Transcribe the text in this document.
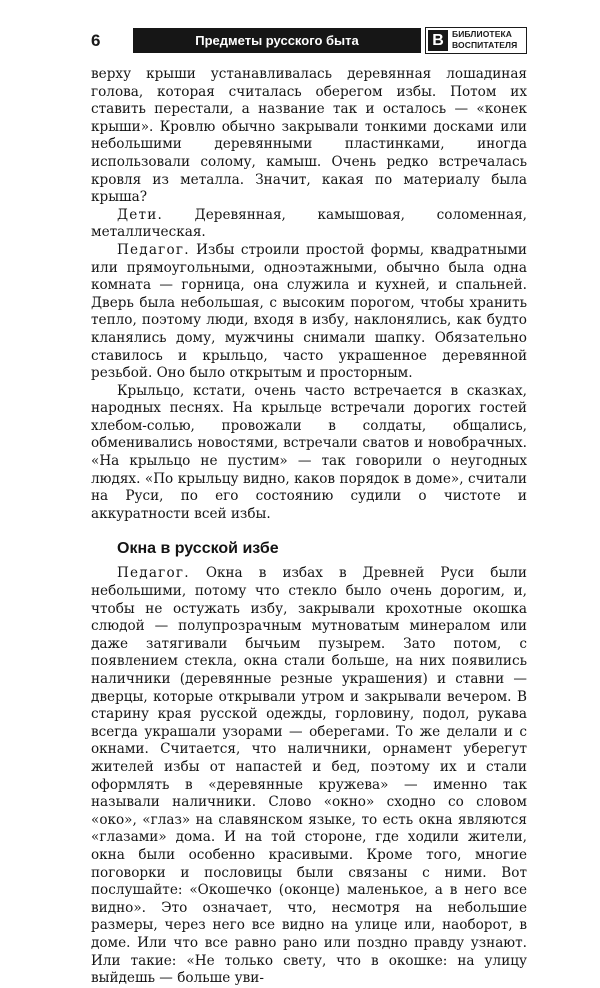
6	Предметы русского быта	В БИБЛИОТЕКА
ВОСПИТАТЕЛЯ

верху крыши устанавливалась деревянная лошадиная голова, которая считалась оберегом избы. Потом их ставить перестали, а название так и осталось — «конек крыши». Кровлю обычно закрывали тонкими досками или небольшими деревянными пластинками, иногда использовали солому, камыш. Очень редко встречалась кровля из металла. Значит, какая по материалу была крыша?

Дети. Деревянная, камышовая, соломенная, металлическая.

Педагог. Избы строили простой формы, квадратными или прямоугольными, одноэтажными, обычно была одна комната — горница, она служила и кухней, и спальней. Дверь была небольшая, с высоким порогом, чтобы хранить тепло, поэтому люди, входя в избу, наклонялись, как будто кланялись дому, мужчины снимали шапку. Обязательно ставилось и крыльцо, часто украшенное деревянной резьбой. Оно было открытым и просторным.

Крыльцо, кстати, очень часто встречается в сказках, народных песнях. На крыльце встречали дорогих гостей хлебом-солью, провожали в солдаты, общались, обменивались новостями, встречали сватов и новобрачных. «На крыльцо не пустим» — так говорили о неугодных людях. «По крыльцу видно, каков порядок в доме», считали на Руси, по его состоянию судили о чистоте и аккуратности всей избы.

Окна в русской избе

Педагог. Окна в избах в Древней Руси были небольшими, потому что стекло было очень дорогим, и, чтобы не остужать избу, закрывали крохотные окошка слюдой — полупрозрачным мутноватым минералом или даже затягивали бычьим пузырем. Зато потом, с появлением стекла, окна стали больше, на них появились наличники (деревянные резные украшения) и ставни — дверцы, которые открывали утром и закрывали вечером. В старину края русской одежды, горловину, подол, рукава всегда украшали узорами — оберегами. То же делали и с окнами. Считается, что наличники, орнамент уберегут жителей избы от напастей и бед, поэтому их и стали оформлять в «деревянные кружева» — именно так называли наличники. Слово «окно» сходно со словом «око», «глаз» на славянском языке, то есть окна являются «глазами» дома. И на той стороне, где ходили жители, окна были особенно красивыми. Кроме того, многие поговорки и пословицы были связаны с ними. Вот послушайте: «Окошечко (оконце) маленькое, а в него все видно». Это означает, что, несмотря на небольшие размеры, через него все видно на улице или, наоборот, в доме. Или что все равно рано или поздно правду узнают. Или такие: «Не только свету, что в окошке: на улицу выйдешь — больше уви-
